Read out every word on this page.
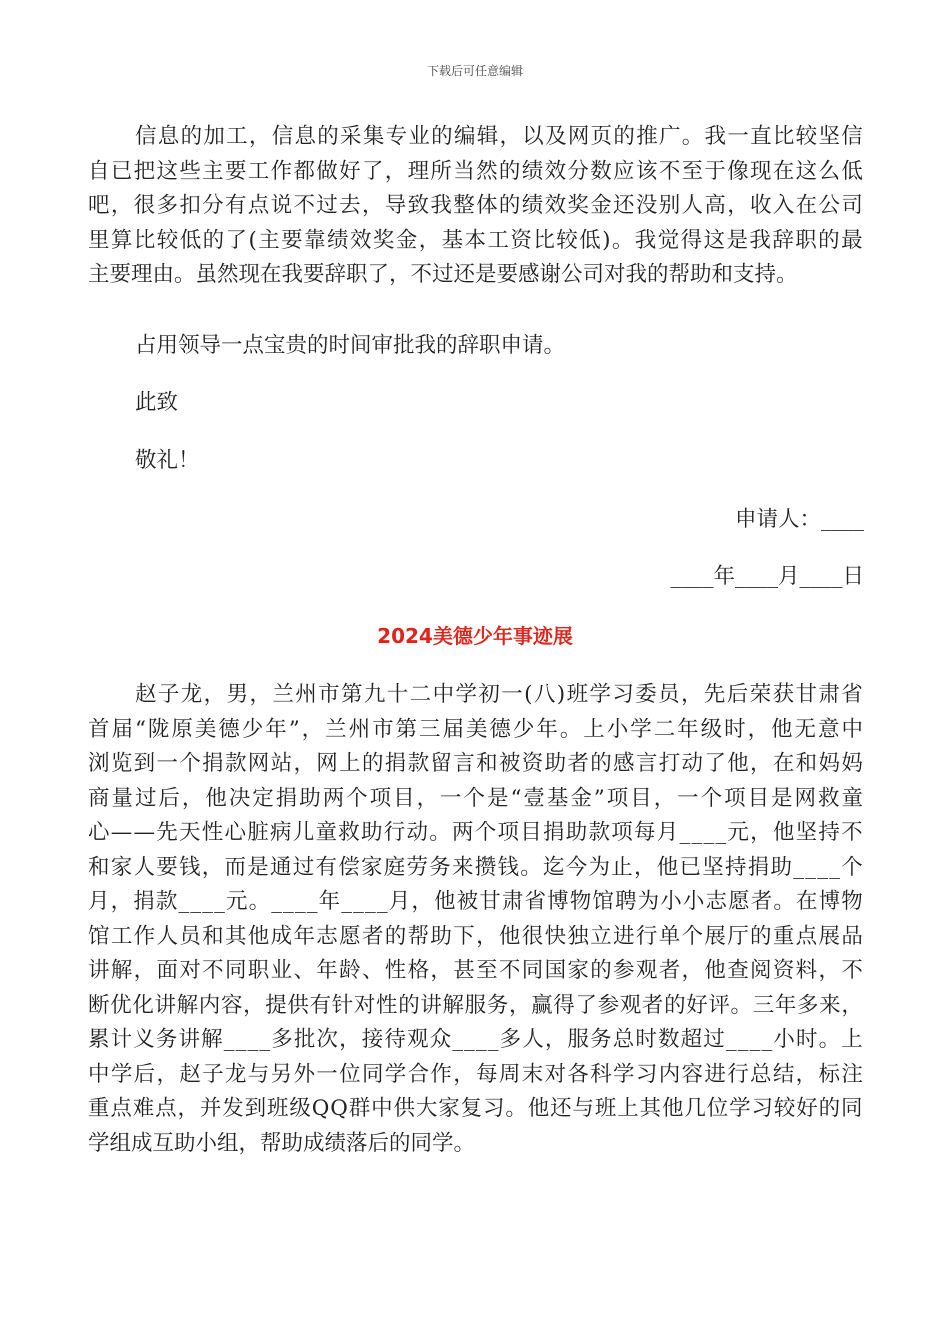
下载后可任意编辑
信 息 的 加 工 ， 信 息 的 采 集 专 业 的 编 辑 ， 以 及 网 页 的 推 广 。 我 一 直 比 较 坚 信
自 已 把 这 些 主 要 工 作 都 做 好 了 ， 理 所 当 然 的 绩 效 分 数 应 该 不 至 于 像 现 在 这 么 低
吧 ， 很 多 扣 分 有 点 说 不 过 去 ， 导 致 我 整 体 的 绩 效 奖 金 还 没 别 人 高 ， 收 入 在 公 司
里 算 比 较 低 的 了 ( 主 要 靠 绩 效 奖 金 ， 基 本 工 资 比 较 低 ) 。 我 觉 得 这 是 我 辞 职 的 最
主要理由。虽然现在我要辞职了，不过还是要感谢公司对我的帮助和支持。
占用领导一点宝贵的时间审批我的辞职申请。
此致
敬礼！
申请人：____
____年____月____日
2024美德少年事迹展
赵 子 龙 ， 男 ， 兰 州 市 第 九 十 二 中 学 初 一 ( 八 ) 班 学 习 委 员 ， 先 后 荣 获 甘 肃 省
首 届 “ 陇 原 美 德 少 年 ” ， 兰 州 市 第 三 届 美 德 少 年 。 上 小 学 二 年 级 时 ， 他 无 意 中
浏 览 到 一 个 捐 款 网 站 ， 网 上 的 捐 款 留 言 和 被 资 助 者 的 感 言 打 动 了 他 ， 在 和 妈 妈
商 量 过 后 ， 他 决 定 捐 助 两 个 项 目 ， 一 个 是 “ 壹 基 金 ” 项 目 ， 一 个 项 目 是 网 救 童
心 — — 先 天 性 心 脏 病 儿 童 救 助 行 动 。 两 个 项 目 捐 助 款 项 每 月 _ _ _ _ 元 ， 他 坚 持 不
和 家 人 要 钱 ， 而 是 通 过 有 偿 家 庭 劳 务 来 攒 钱 。 迄 今 为 止 ， 他 已 坚 持 捐 助 _ _ _ _ 个
月 ， 捐 款 _ _ _ _ 元 。 _ _ _ _ 年 _ _ _ _ 月 ， 他 被 甘 肃 省 博 物 馆 聘 为 小 小 志 愿 者 。 在 博 物
馆 工 作 人 员 和 其 他 成 年 志 愿 者 的 帮 助 下 ， 他 很 快 独 立 进 行 单 个 展 厅 的 重 点 展 品
讲 解 ， 面 对 不 同 职 业 、 年 龄 、 性 格 ， 甚 至 不 同 国 家 的 参 观 者 ， 他 查 阅 资 料 ， 不
断 优 化 讲 解 内 容 ， 提 供 有 针 对 性 的 讲 解 服 务 ， 赢 得 了 参 观 者 的 好 评 。 三 年 多 来 ，
累 计 义 务 讲 解 _ _ _ _ 多 批 次 ， 接 待 观 众 _ _ _ _ 多 人 ， 服 务 总 时 数 超 过 _ _ _ _ 小 时 。 上
中 学 后 ， 赵 子 龙 与 另 外 一 位 同 学 合 作 ， 每 周 末 对 各 科 学 习 内 容 进 行 总 结 ， 标 注
重 点 难 点 ， 并 发 到 班 级 Q Q 群 中 供 大 家 复 习 。 他 还 与 班 上 其 他 几 位 学 习 较 好 的 同
学组成互助小组，帮助成绩落后的同学。
